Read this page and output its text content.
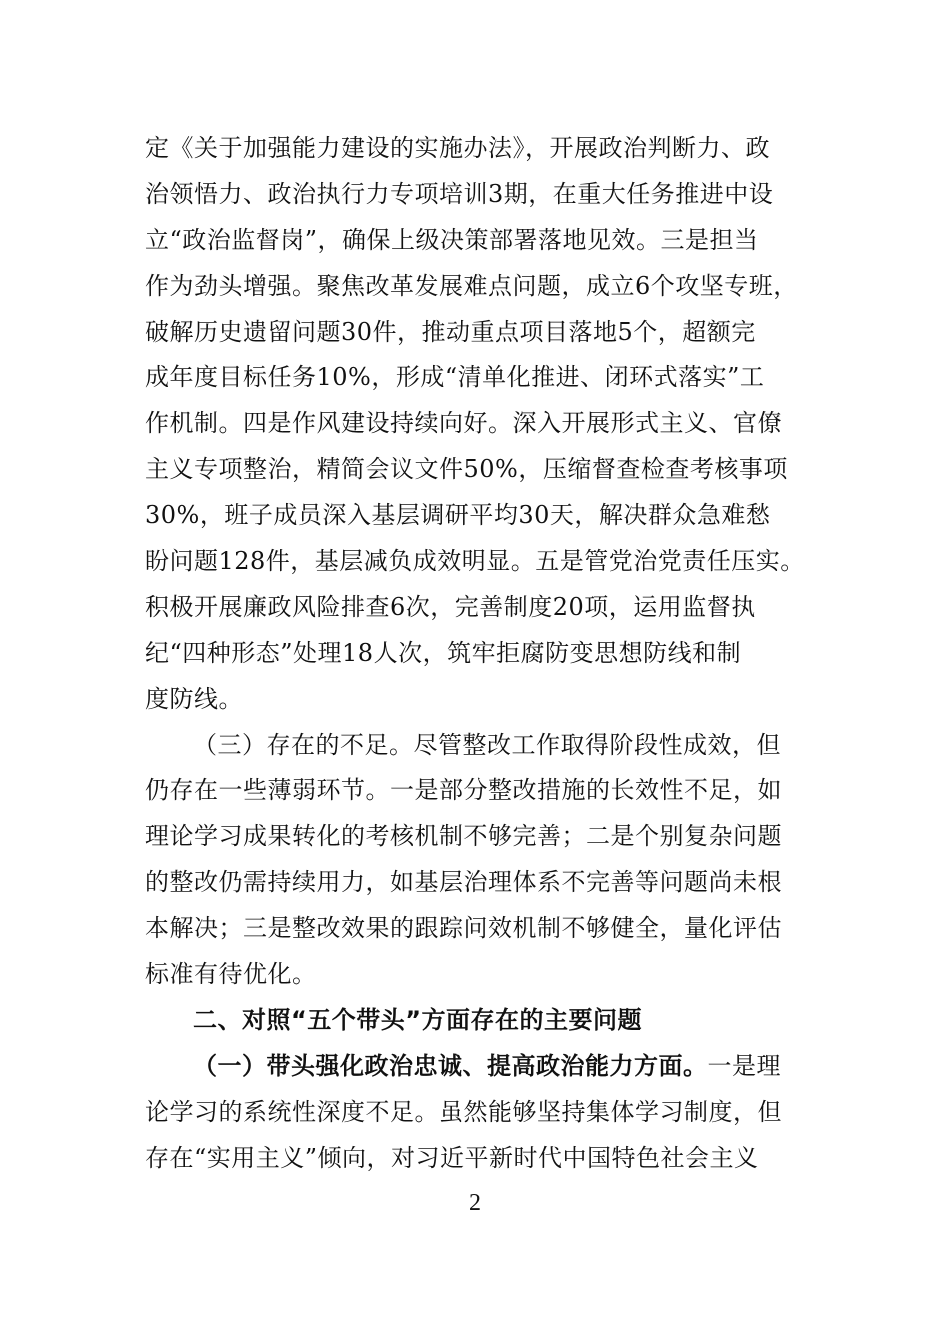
定《关于加强能力建设的实施办法》，开展政治判断力、政
治领悟力、政治执行力专项培训3期，在重大任务推进中设
立“政治监督岗”，确保上级决策部署落地见效。三是担当
作为劲头增强。聚焦改革发展难点问题，成立6个攻坚专班，
破解历史遗留问题30件，推动重点项目落地5个，超额完
成年度目标任务10%，形成“清单化推进、闭环式落实”工
作机制。四是作风建设持续向好。深入开展形式主义、官僚
主义专项整治，精简会议文件50%，压缩督查检查考核事项
30%，班子成员深入基层调研平均30天，解决群众急难愁
盼问题128件，基层减负成效明显。五是管党治党责任压实。
积极开展廉政风险排查6次，完善制度20项，运用监督执
纪“四种形态”处理18人次，筑牢拒腐防变思想防线和制
度防线。
（三）存在的不足。尽管整改工作取得阶段性成效，但
仍存在一些薄弱环节。一是部分整改措施的长效性不足，如
理论学习成果转化的考核机制不够完善；二是个别复杂问题
的整改仍需持续用力，如基层治理体系不完善等问题尚未根
本解决；三是整改效果的跟踪问效机制不够健全，量化评估
标准有待优化。
二、对照“五个带头”方面存在的主要问题
（一）带头强化政治忠诚、提高政治能力方面。一是理
论学习的系统性深度不足。虽然能够坚持集体学习制度，但
存在“实用主义”倾向，对习近平新时代中国特色社会主义
2
